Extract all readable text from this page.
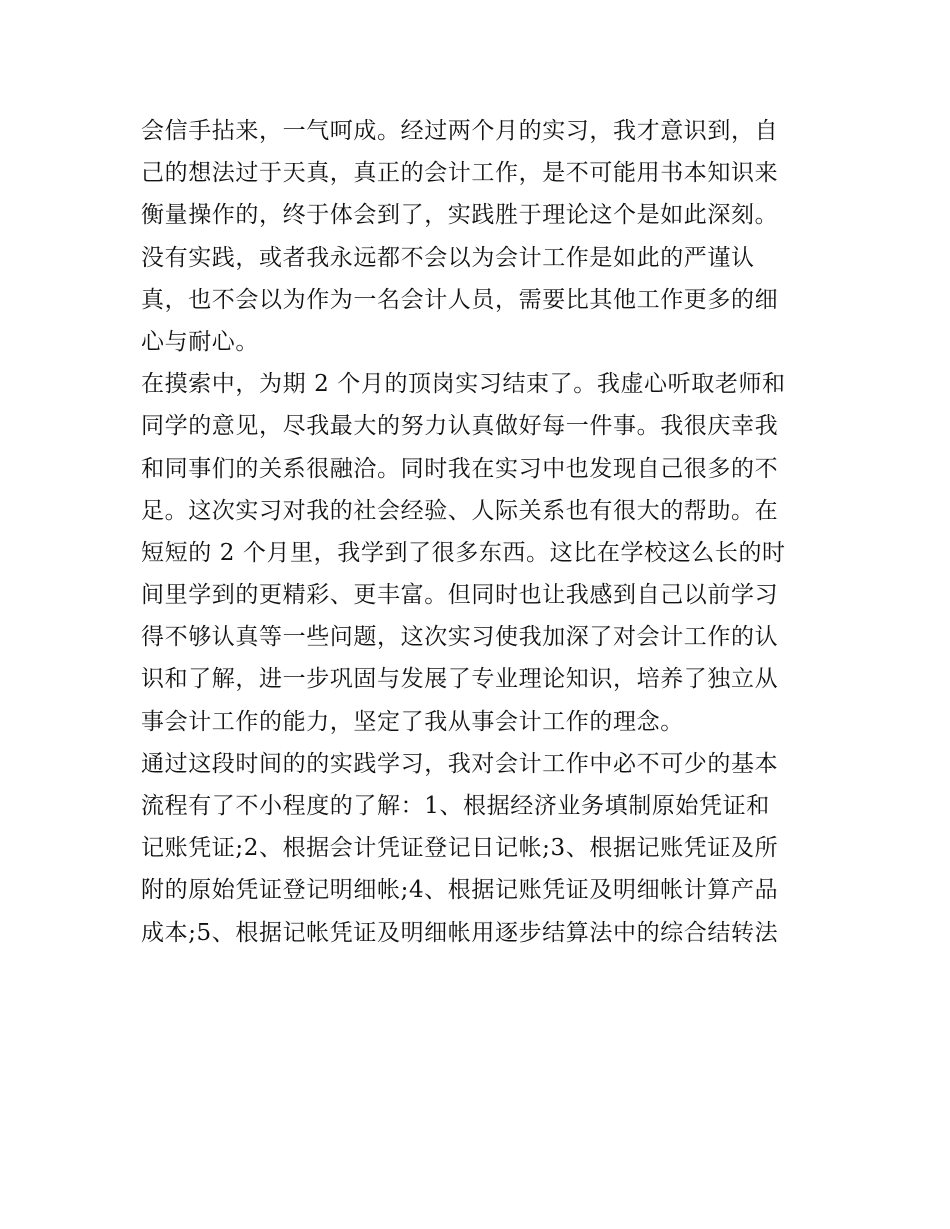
会信手拈来，一气呵成。经过两个月的实习，我才意识到，自
己的想法过于天真，真正的会计工作，是不可能用书本知识来
衡量操作的，终于体会到了，实践胜于理论这个是如此深刻。
没有实践，或者我永远都不会以为会计工作是如此的严谨认
真，也不会以为作为一名会计人员，需要比其他工作更多的细
心与耐心。
在摸索中，为期 2 个月的顶岗实习结束了。我虚心听取老师和
同学的意见，尽我最大的努力认真做好每一件事。我很庆幸我
和同事们的关系很融洽。同时我在实习中也发现自己很多的不
足。这次实习对我的社会经验、人际关系也有很大的帮助。在
短短的 2 个月里，我学到了很多东西。这比在学校这么长的时
间里学到的更精彩、更丰富。但同时也让我感到自己以前学习
得不够认真等一些问题，这次实习使我加深了对会计工作的认
识和了解，进一步巩固与发展了专业理论知识，培养了独立从
事会计工作的能力，坚定了我从事会计工作的理念。
通过这段时间的的实践学习，我对会计工作中必不可少的基本
流程有了不小程度的了解：1、根据经济业务填制原始凭证和
记账凭证;2、根据会计凭证登记日记帐;3、根据记账凭证及所
附的原始凭证登记明细帐;4、根据记账凭证及明细帐计算产品
成本;5、根据记帐凭证及明细帐用逐步结算法中的综合结转法
